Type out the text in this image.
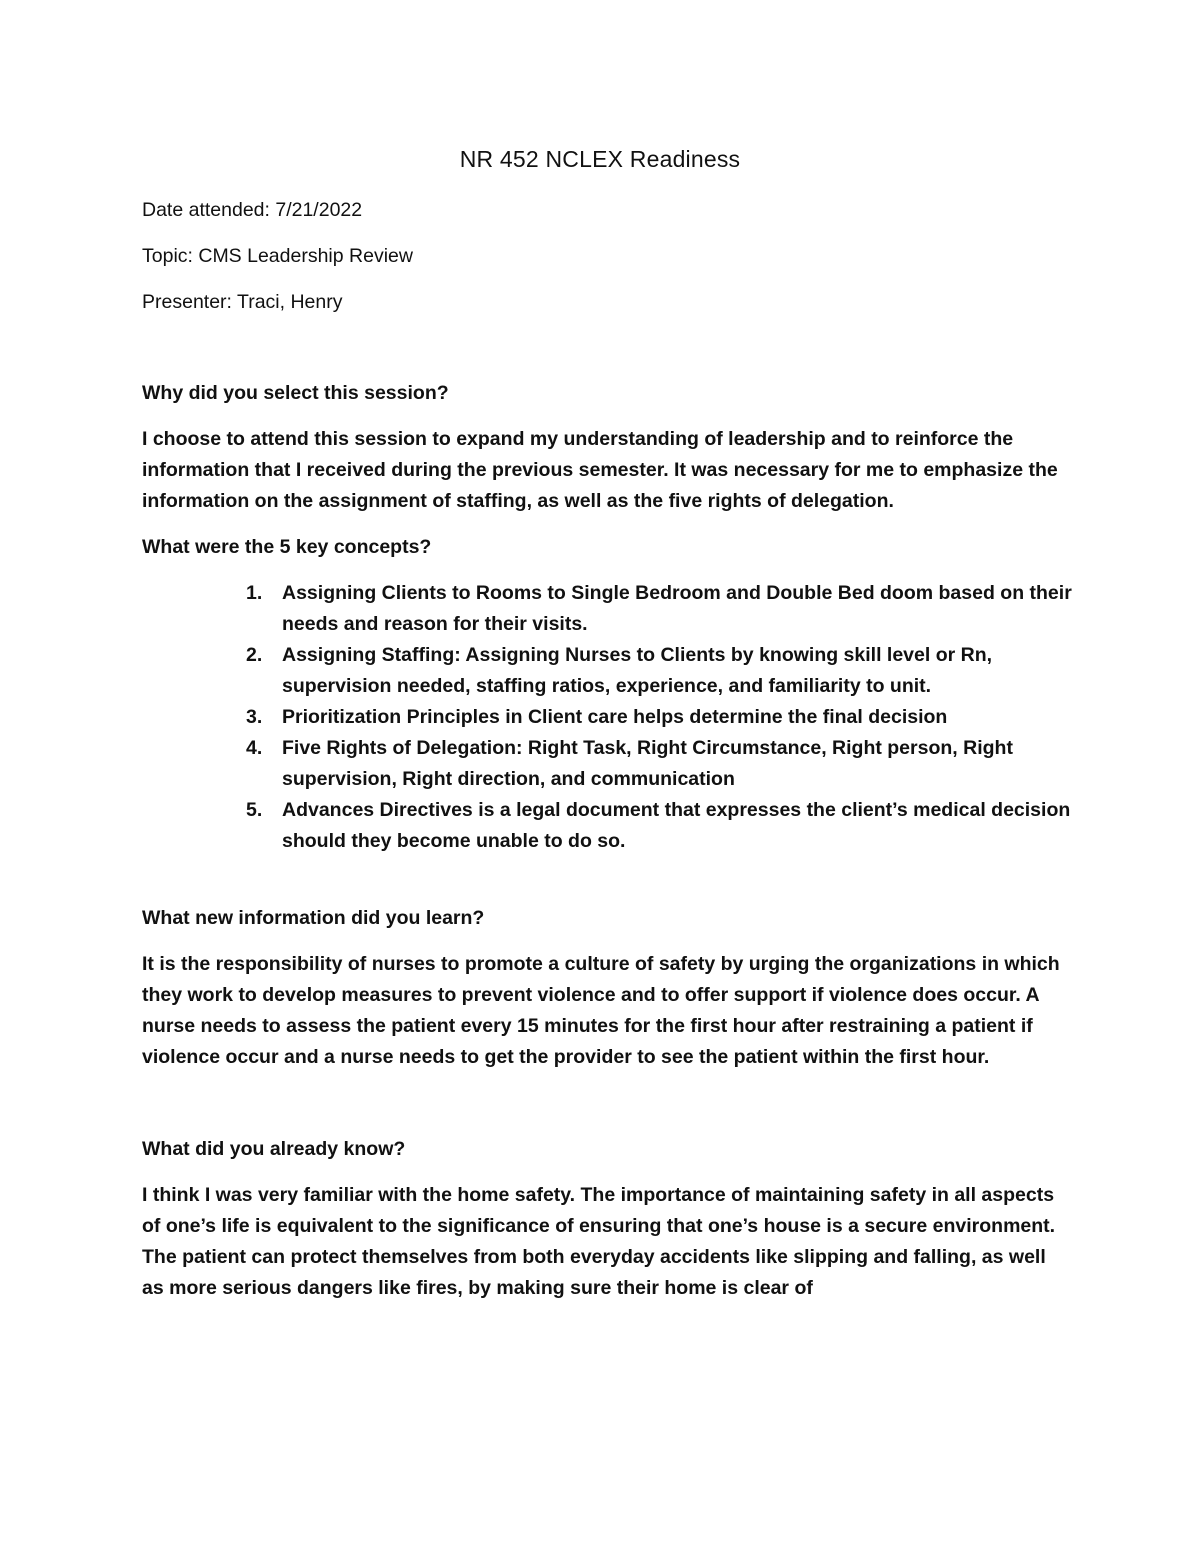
NR 452 NCLEX Readiness

Date attended: 7/21/2022

Topic: CMS Leadership Review

Presenter: Traci, Henry

Why did you select this session?

I choose to attend this session to expand my understanding of leadership and to reinforce the information that I received during the previous semester. It was necessary for me to emphasize the information on the assignment of staffing, as well as the five rights of delegation.

What were the 5 key concepts?

1. Assigning Clients to Rooms to Single Bedroom and Double Bed doom based on their needs and reason for their visits.
2. Assigning Staffing: Assigning Nurses to Clients by knowing skill level or Rn, supervision needed, staffing ratios, experience, and familiarity to unit.
3. Prioritization Principles in Client care helps determine the final decision
4. Five Rights of Delegation: Right Task, Right Circumstance, Right person, Right supervision, Right direction, and communication
5. Advances Directives is a legal document that expresses the client’s medical decision should they become unable to do so.

What new information did you learn?

It is the responsibility of nurses to promote a culture of safety by urging the organizations in which they work to develop measures to prevent violence and to offer support if violence does occur. A nurse needs to assess the patient every 15 minutes for the first hour after restraining a patient if violence occur and a nurse needs to get the provider to see the patient within the first hour.

What did you already know?

I think I was very familiar with the home safety. The importance of maintaining safety in all aspects of one’s life is equivalent to the significance of ensuring that one’s house is a secure environment. The patient can protect themselves from both everyday accidents like slipping and falling, as well as more serious dangers like fires, by making sure their home is clear of
